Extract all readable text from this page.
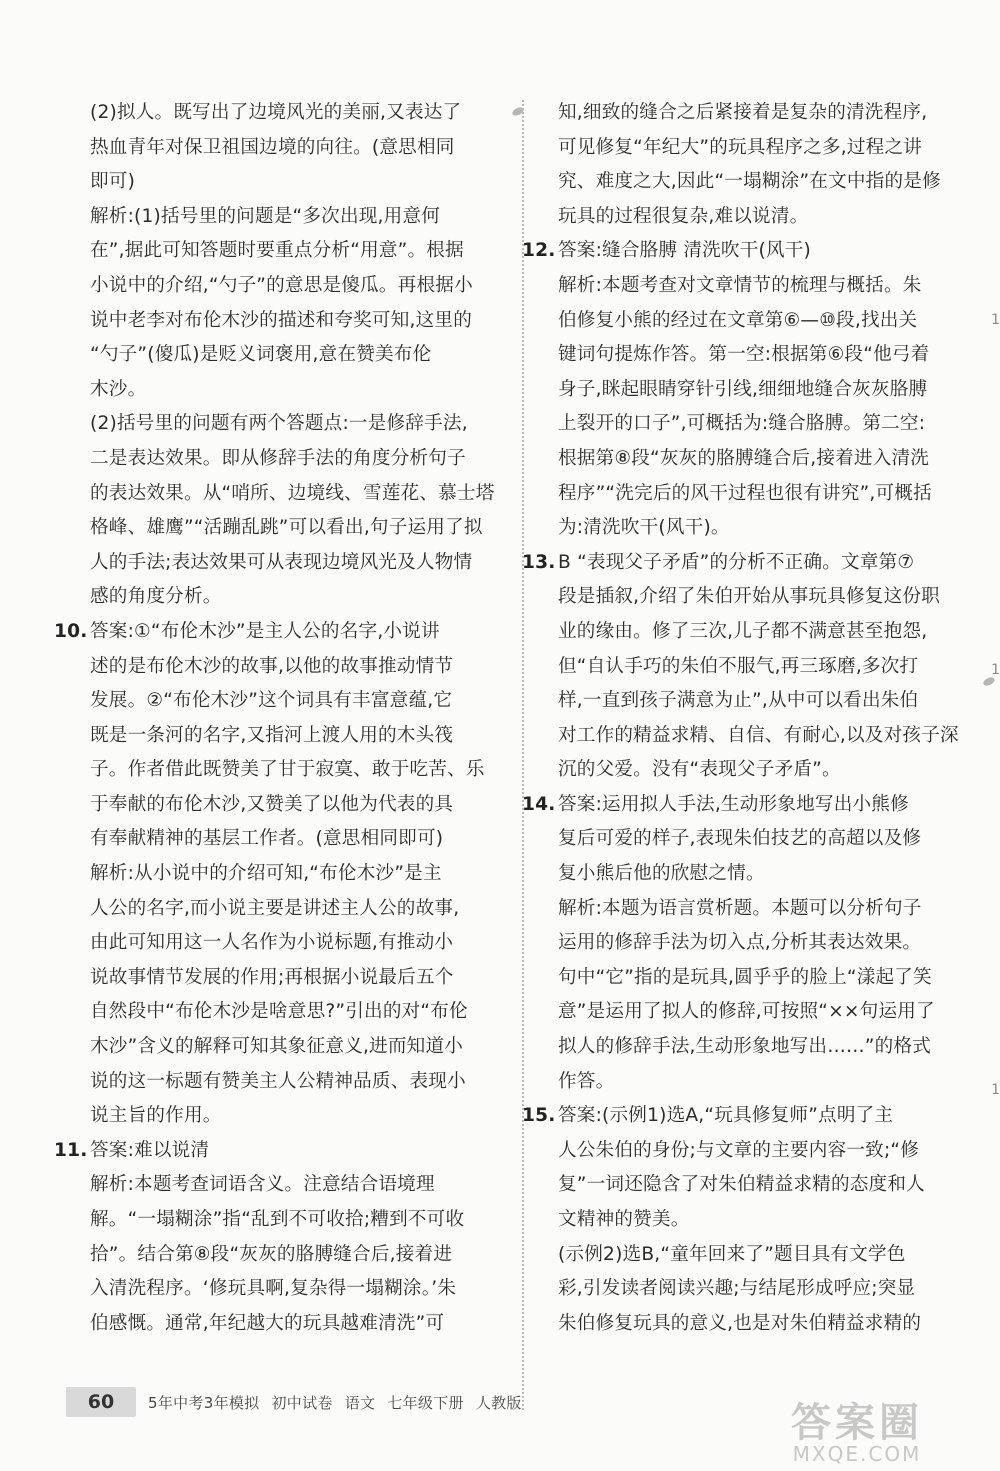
(2)拟人。既写出了边境风光的美丽,又表达了
热血青年对保卫祖国边境的向往。(意思相同
即可)
解析:(1)括号里的问题是“多次出现,用意何
在”,据此可知答题时要重点分析“用意”。根据
小说中的介绍,“勺子”的意思是傻瓜。再根据小
说中老李对布伦木沙的描述和夸奖可知,这里的
“勺子”(傻瓜)是贬义词褒用,意在赞美布伦
木沙。
(2)括号里的问题有两个答题点:一是修辞手法,
二是表达效果。即从修辞手法的角度分析句子
的表达效果。从“哨所、边境线、雪莲花、慕士塔
格峰、雄鹰”“活蹦乱跳”可以看出,句子运用了拟
人的手法;表达效果可从表现边境风光及人物情
感的角度分析。
10. 答案:①“布伦木沙”是主人公的名字,小说讲
述的是布伦木沙的故事,以他的故事推动情节
发展。②“布伦木沙”这个词具有丰富意蕴,它
既是一条河的名字,又指河上渡人用的木头筏
子。作者借此既赞美了甘于寂寞、敢于吃苦、乐
于奉献的布伦木沙,又赞美了以他为代表的具
有奉献精神的基层工作者。(意思相同即可)
解析:从小说中的介绍可知,“布伦木沙”是主
人公的名字,而小说主要是讲述主人公的故事,
由此可知用这一人名作为小说标题,有推动小
说故事情节发展的作用;再根据小说最后五个
自然段中“布伦木沙是啥意思?”引出的对“布伦
木沙”含义的解释可知其象征意义,进而知道小
说的这一标题有赞美主人公精神品质、表现小
说主旨的作用。
11. 答案:难以说清
解析:本题考查词语含义。注意结合语境理
解。“一塌糊涂”指“乱到不可收拾;糟到不可收
拾”。结合第⑧段“灰灰的胳膊缝合后,接着进
入清洗程序。‘修玩具啊,复杂得一塌糊涂。’朱
伯感慨。通常,年纪越大的玩具越难清洗”可
知,细致的缝合之后紧接着是复杂的清洗程序,
可见修复“年纪大”的玩具程序之多,过程之讲
究、难度之大,因此“一塌糊涂”在文中指的是修
玩具的过程很复杂,难以说清。
12. 答案:缝合胳膊 清洗吹干(风干)
解析:本题考查对文章情节的梳理与概括。朱
伯修复小熊的经过在文章第⑥—⑩段,找出关
键词句提炼作答。第一空:根据第⑥段“他弓着
身子,眯起眼睛穿针引线,细细地缝合灰灰胳膊
上裂开的口子”,可概括为:缝合胳膊。第二空:
根据第⑧段“灰灰的胳膊缝合后,接着进入清洗
程序”“洗完后的风干过程也很有讲究”,可概括
为:清洗吹干(风干)。
13. B “表现父子矛盾”的分析不正确。文章第⑦
段是插叙,介绍了朱伯开始从事玩具修复这份职
业的缘由。修了三次,儿子都不满意甚至抱怨,
但“自认手巧的朱伯不服气,再三琢磨,多次打
样,一直到孩子满意为止”,从中可以看出朱伯
对工作的精益求精、自信、有耐心,以及对孩子深
沉的父爱。没有“表现父子矛盾”。
14. 答案:运用拟人手法,生动形象地写出小熊修
复后可爱的样子,表现朱伯技艺的高超以及修
复小熊后他的欣慰之情。
解析:本题为语言赏析题。本题可以分析句子
运用的修辞手法为切入点,分析其表达效果。
句中“它”指的是玩具,圆乎乎的脸上“漾起了笑
意”是运用了拟人的修辞,可按照“××句运用了
拟人的修辞手法,生动形象地写出……”的格式
作答。
15. 答案:(示例1)选A,“玩具修复师”点明了主
人公朱伯的身份;与文章的主要内容一致;“修
复”一词还隐含了对朱伯精益求精的态度和人
文精神的赞美。
(示例2)选B,“童年回来了”题目具有文学色
彩,引发读者阅读兴趣;与结尾形成呼应;突显
朱伯修复玩具的意义,也是对朱伯精益求精的
1
1
1
60	5年中考3年模拟 初中试卷 语文 七年级下册 人教版	答案圈
MXQE.COM
